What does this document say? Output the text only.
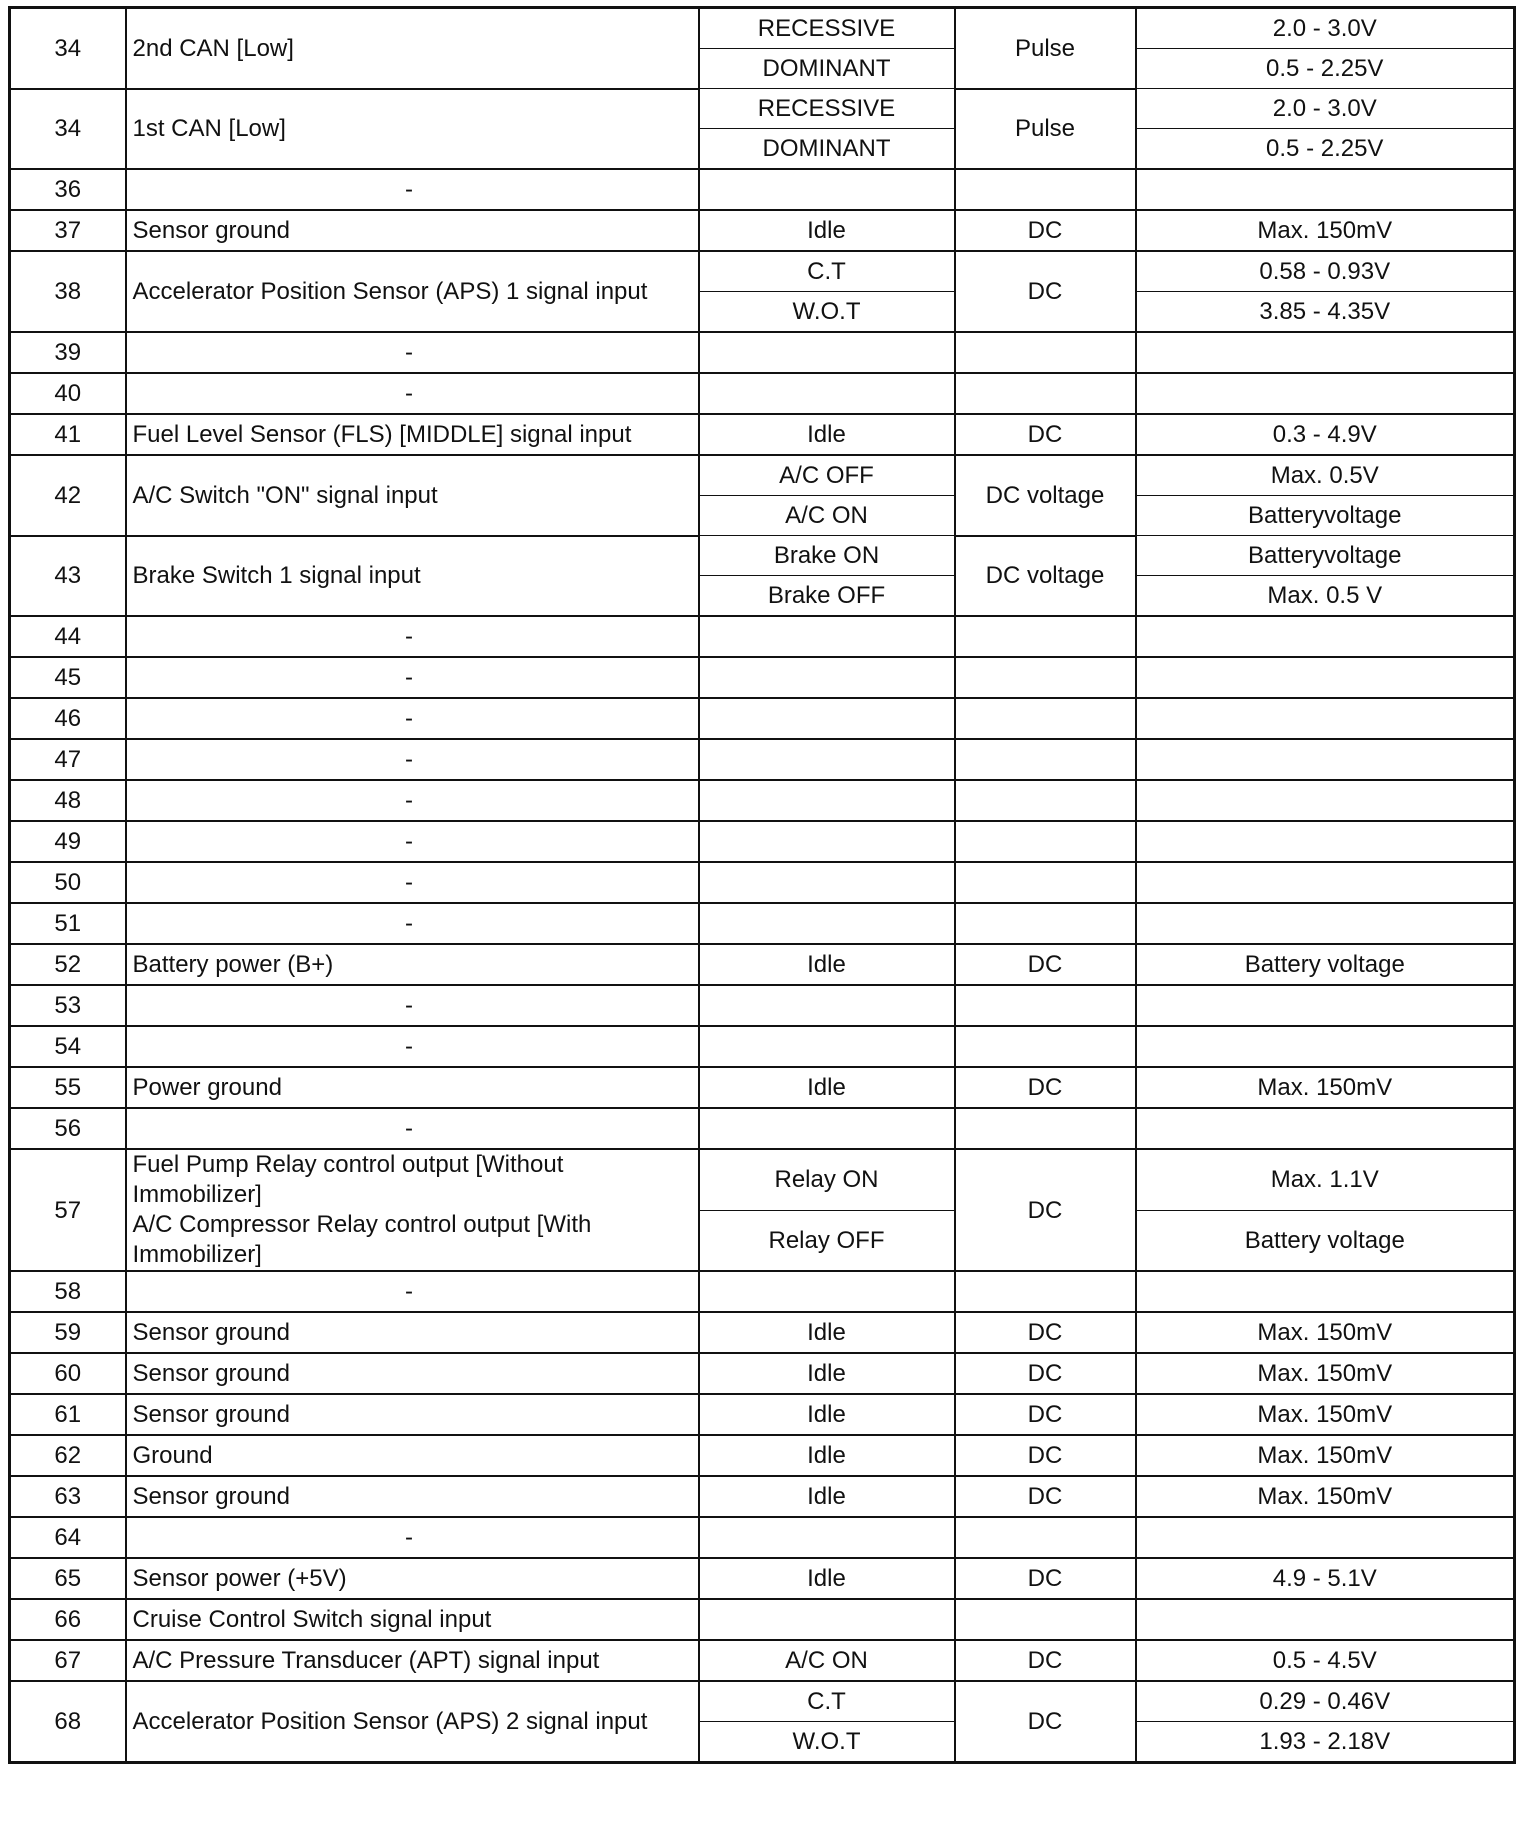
34	2nd CAN [Low]	RECESSIVE	Pulse	2.0 - 3.0V
		DOMINANT		0.5 - 2.25V
34	1st CAN [Low]	RECESSIVE	Pulse	2.0 - 3.0V
		DOMINANT		0.5 - 2.25V
36	-			
37	Sensor ground	Idle	DC	Max. 150mV
38	Accelerator Position Sensor (APS) 1 signal input	C.T	DC	0.58 - 0.93V
		W.O.T		3.85 - 4.35V
39	-			
40	-			
41	Fuel Level Sensor (FLS) [MIDDLE] signal input	Idle	DC	0.3 - 4.9V
42	A/C Switch "ON" signal input	A/C OFF	DC voltage	Max. 0.5V
		A/C ON		Batteryvoltage
43	Brake Switch 1 signal input	Brake ON	DC voltage	Batteryvoltage
		Brake OFF		Max. 0.5 V
44	-			
45	-			
46	-			
47	-			
48	-			
49	-			
50	-			
51	-			
52	Battery power (B+)	Idle	DC	Battery voltage
53	-			
54	-			
55	Power ground	Idle	DC	Max. 150mV
56	-			
57	Fuel Pump Relay control output [Without
Immobilizer]
A/C Compressor Relay control output [With
Immobilizer]	Relay ON	DC	Max. 1.1V
		Relay OFF		Battery voltage
58	-			
59	Sensor ground	Idle	DC	Max. 150mV
60	Sensor ground	Idle	DC	Max. 150mV
61	Sensor ground	Idle	DC	Max. 150mV
62	Ground	Idle	DC	Max. 150mV
63	Sensor ground	Idle	DC	Max. 150mV
64	-			
65	Sensor power (+5V)	Idle	DC	4.9 - 5.1V
66	Cruise Control Switch signal input			
67	A/C Pressure Transducer (APT) signal input	A/C ON	DC	0.5 - 4.5V
68	Accelerator Position Sensor (APS) 2 signal input	C.T	DC	0.29 - 0.46V
		W.O.T		1.93 - 2.18V
